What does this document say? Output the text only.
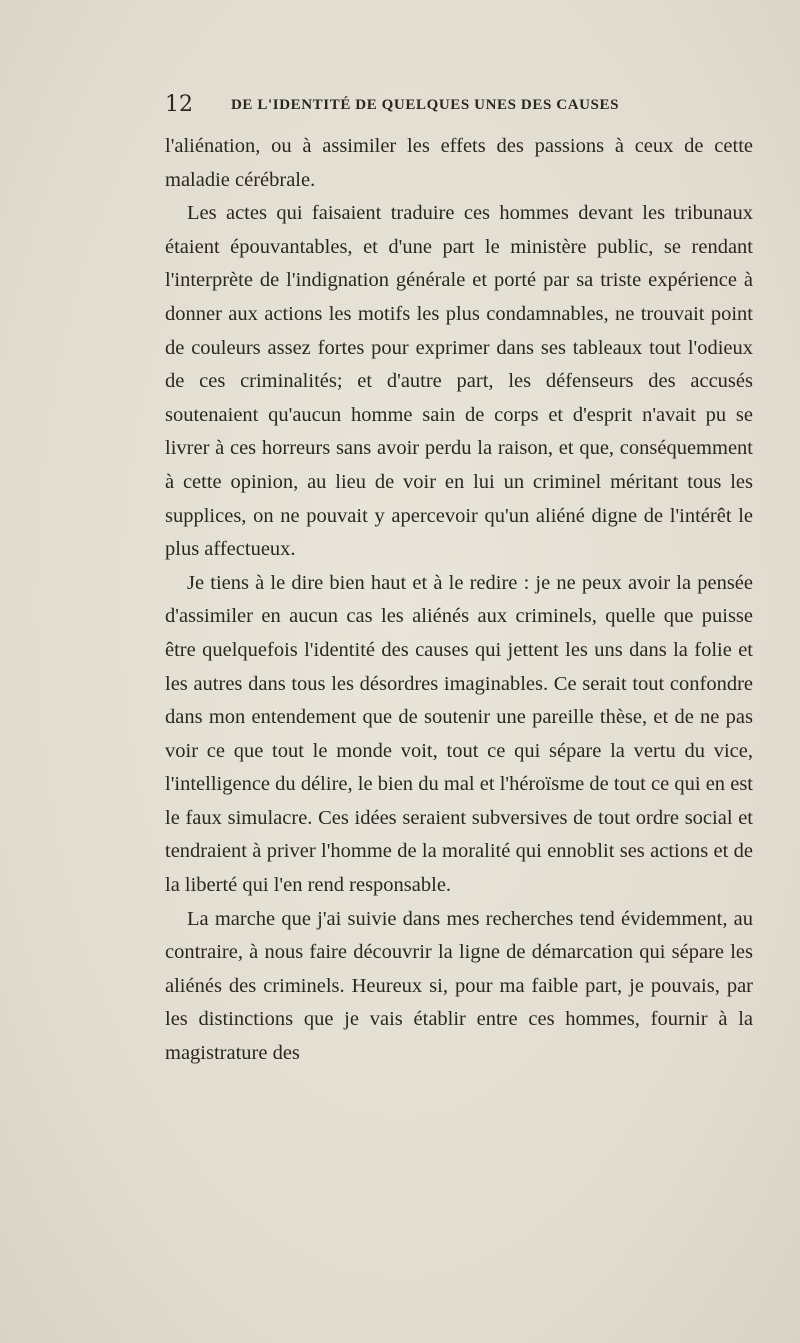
12	DE L'IDENTITÉ DE QUELQUES UNES DES CAUSES

l'aliénation, ou à assimiler les effets des passions à ceux de cette maladie cérébrale.

Les actes qui faisaient traduire ces hommes devant les tribunaux étaient épouvantables, et d'une part le ministère public, se rendant l'interprète de l'indignation générale et porté par sa triste expérience à donner aux actions les motifs les plus condamnables, ne trouvait point de couleurs assez fortes pour exprimer dans ses tableaux tout l'odieux de ces criminalités; et d'autre part, les défenseurs des accusés soutenaient qu'aucun homme sain de corps et d'esprit n'avait pu se livrer à ces horreurs sans avoir perdu la raison, et que, conséquemment à cette opinion, au lieu de voir en lui un criminel méritant tous les supplices, on ne pouvait y apercevoir qu'un aliéné digne de l'intérêt le plus affectueux.

Je tiens à le dire bien haut et à le redire : je ne peux avoir la pensée d'assimiler en aucun cas les aliénés aux criminels, quelle que puisse être quelquefois l'identité des causes qui jettent les uns dans la folie et les autres dans tous les désordres imaginables. Ce serait tout confondre dans mon entendement que de soutenir une pareille thèse, et de ne pas voir ce que tout le monde voit, tout ce qui sépare la vertu du vice, l'intelligence du délire, le bien du mal et l'héroïsme de tout ce qui en est le faux simulacre. Ces idées seraient subversives de tout ordre social et tendraient à priver l'homme de la moralité qui ennoblit ses actions et de la liberté qui l'en rend responsable.

La marche que j'ai suivie dans mes recherches tend évidemment, au contraire, à nous faire découvrir la ligne de démarcation qui sépare les aliénés des criminels. Heureux si, pour ma faible part, je pouvais, par les distinctions que je vais établir entre ces hommes, fournir à la magistrature des
